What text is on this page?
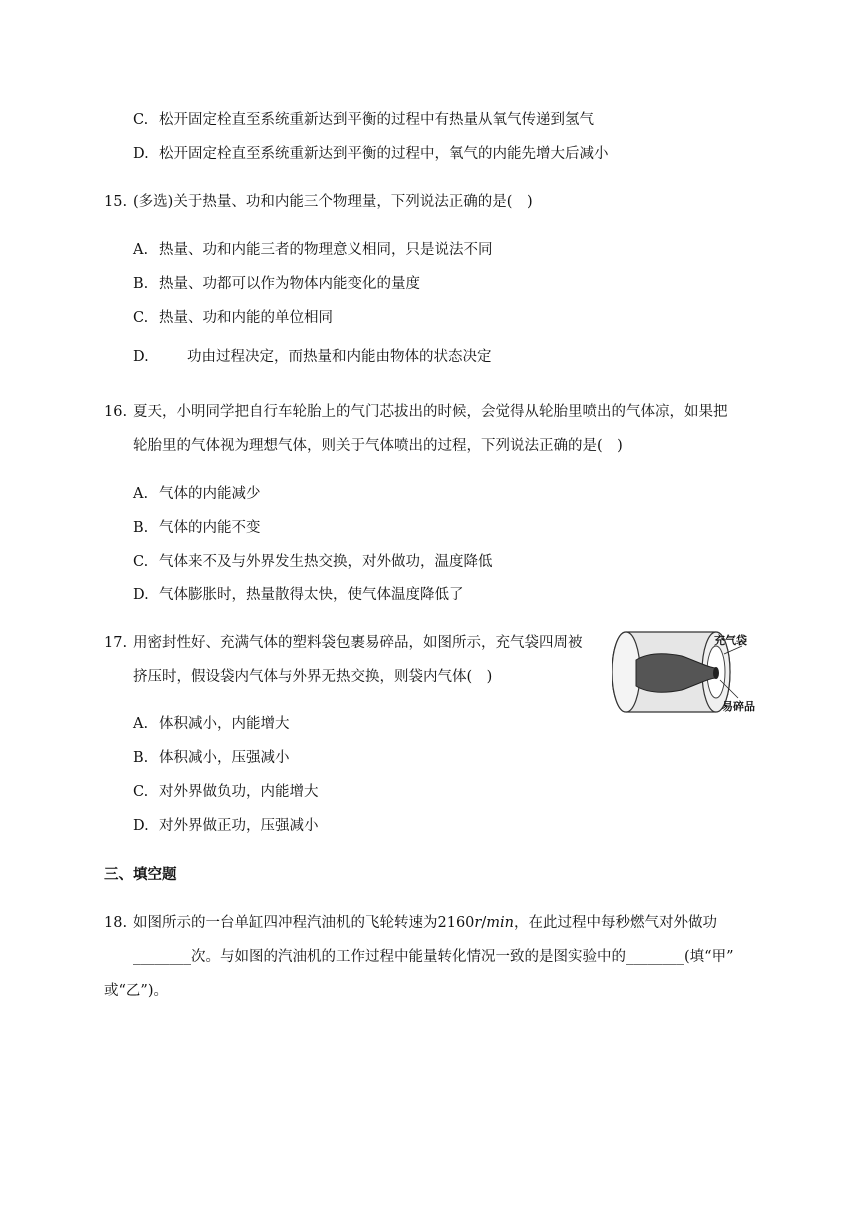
C. 松开固定栓直至系统重新达到平衡的过程中有热量从氧气传递到氢气
D. 松开固定栓直至系统重新达到平衡的过程中，氧气的内能先增大后减小
15. (多选)关于热量、功和内能三个物理量，下列说法正确的是( )
A. 热量、功和内能三者的物理意义相同，只是说法不同
B. 热量、功都可以作为物体内能变化的量度
C. 热量、功和内能的单位相同
D.	功由过程决定，而热量和内能由物体的状态决定
16. 夏天，小明同学把自行车轮胎上的气门芯拔出的时候，会觉得从轮胎里喷出的气体凉，如果把
轮胎里的气体视为理想气体，则关于气体喷出的过程，下列说法正确的是( )
A. 气体的内能减少
B. 气体的内能不变
C. 气体来不及与外界发生热交换，对外做功，温度降低
D. 气体膨胀时，热量散得太快，使气体温度降低了
17. 用密封性好、充满气体的塑料袋包裹易碎品，如图所示，充气袋四周被
挤压时，假设袋内气体与外界无热交换，则袋内气体( )
充气袋
易碎品
A. 体积减小，内能增大
B. 体积减小，压强减小
C. 对外界做负功，内能增大
D. 对外界做正功，压强减小
三、填空题
18. 如图所示的一台单缸四冲程汽油机的飞轮转速为2160r/min，在此过程中每秒燃气对外做功
________次。与如图的汽油机的工作过程中能量转化情况一致的是图实验中的________(填“甲”
或“乙”)。
